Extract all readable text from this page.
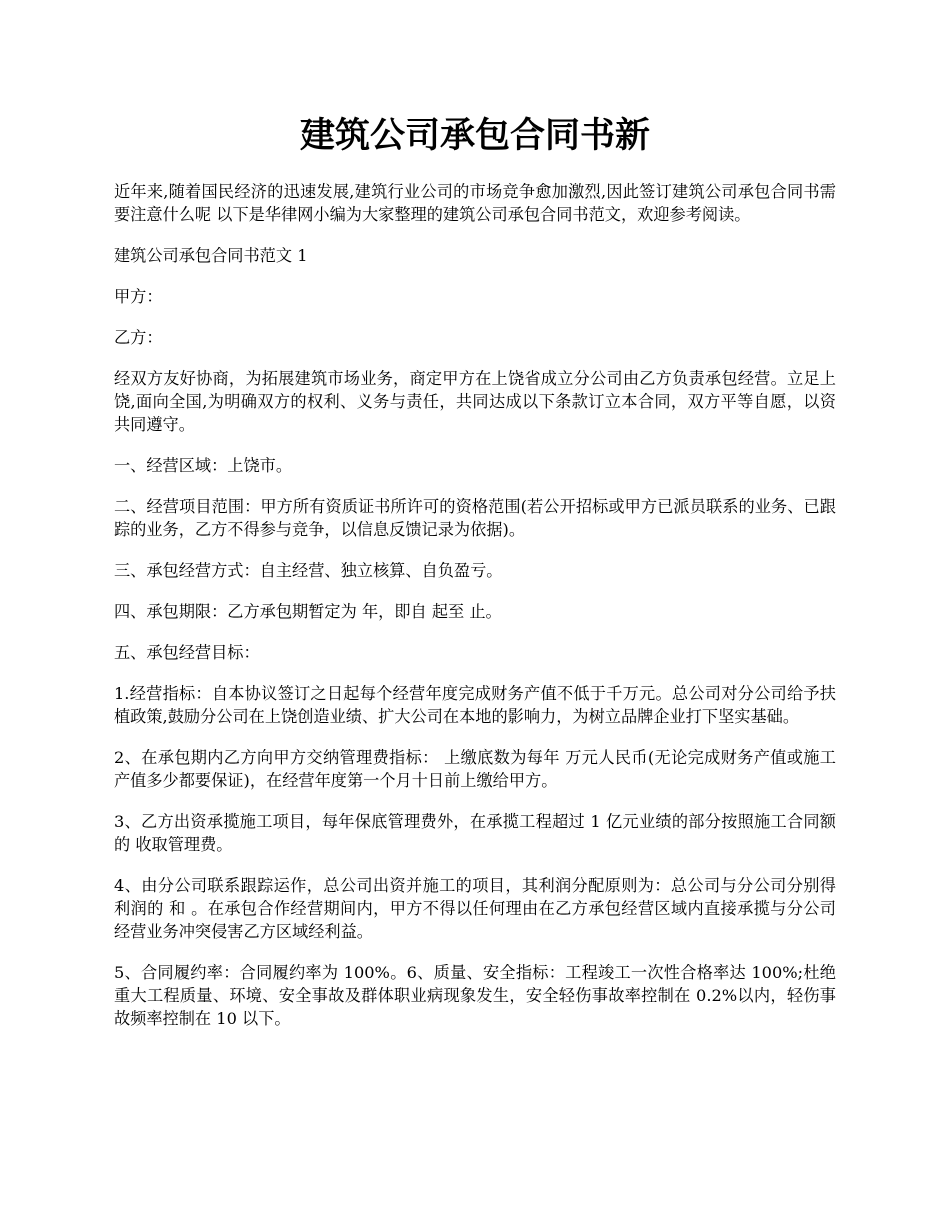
建筑公司承包合同书新

近年来,随着国民经济的迅速发展,建筑行业公司的市场竞争愈加激烈,因此签订建筑公司承包合同书需要注意什么呢 以下是华律网小编为大家整理的建筑公司承包合同书范文，欢迎参考阅读。

建筑公司承包合同书范文 1

甲方：

乙方：

经双方友好协商，为拓展建筑市场业务，商定甲方在上饶省成立分公司由乙方负责承包经营。立足上饶,面向全国,为明确双方的权利、义务与责任，共同达成以下条款订立本合同，双方平等自愿，以资共同遵守。

一、经营区域：上饶市。

二、经营项目范围：甲方所有资质证书所许可的资格范围(若公开招标或甲方已派员联系的业务、已跟踪的业务，乙方不得参与竞争，以信息反馈记录为依据)。

三、承包经营方式：自主经营、独立核算、自负盈亏。

四、承包期限：乙方承包期暂定为 年，即自 起至 止。

五、承包经营目标：

1.经营指标：自本协议签订之日起每个经营年度完成财务产值不低于千万元。总公司对分公司给予扶植政策,鼓励分公司在上饶创造业绩、扩大公司在本地的影响力，为树立品牌企业打下坚实基础。

2、在承包期内乙方向甲方交纳管理费指标： 上缴底数为每年 万元人民币(无论完成财务产值或施工产值多少都要保证)，在经营年度第一个月十日前上缴给甲方。

3、乙方出资承揽施工项目，每年保底管理费外，在承揽工程超过 1 亿元业绩的部分按照施工合同额的 收取管理费。

4、由分公司联系跟踪运作，总公司出资并施工的项目，其利润分配原则为：总公司与分公司分别得利润的 和 。在承包合作经营期间内，甲方不得以任何理由在乙方承包经营区域内直接承揽与分公司经营业务冲突侵害乙方区域经利益。

5、合同履约率：合同履约率为 100%。6、质量、安全指标：工程竣工一次性合格率达 100%;杜绝重大工程质量、环境、安全事故及群体职业病现象发生，安全轻伤事故率控制在 0.2%以内，轻伤事故频率控制在 10 以下。
